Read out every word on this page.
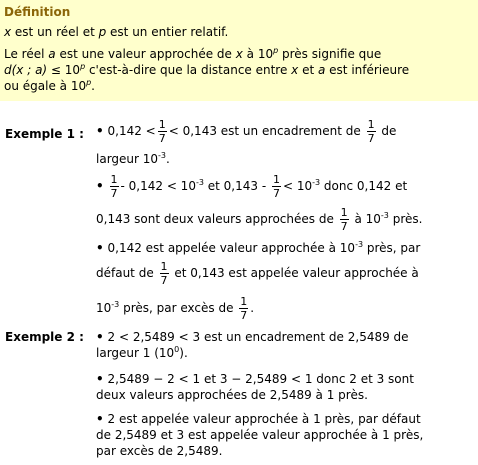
Définition

x est un réel et p est un entier relatif.

Le réel a est une valeur approchée de x à 10$^p$ près signifie que

d(x ; $a) \le 10^p$ c'est-à-dire que la distance entre x et a est inférieure

ou égale à 10$^p$.

Exemple 1 : • $0,142 < \frac{1}{7} < 0,143$ est un encadrement de $\frac{1}{7}$ de
largeur $10^{-3}$.
• $\frac{1}{7} - 0,142 < 10^{-3}$ et $0,143 - \frac{1}{7} < 10^{-3}$ donc 0,142 et
0,143 sont deux valeurs approchées de $\frac{1}{7}$ à $10^{-3}$ près.
• 0,142 est appelée valeur approchée à $10^{-3}$ près, par
défaut de $\frac{1}{7}$ et 0,143 est appelée valeur approchée à
$10^{-3}$ près, par excès de $\frac{1}{7}$ .
Exemple 2 : • 2 < 2,5489 < 3 est un encadrement de 2,5489 de
largeur 1 $(10^0)$.
• 2,5489 − 2 < 1 et 3 − 2,5489 < 1 donc 2 et 3 sont
deux valeurs approchées de 2,5489 à 1 près.
• 2 est appelée valeur approchée à 1 près, par défaut
de 2,5489 et 3 est appelée valeur approchée à 1 près,
par excès de 2,5489.
